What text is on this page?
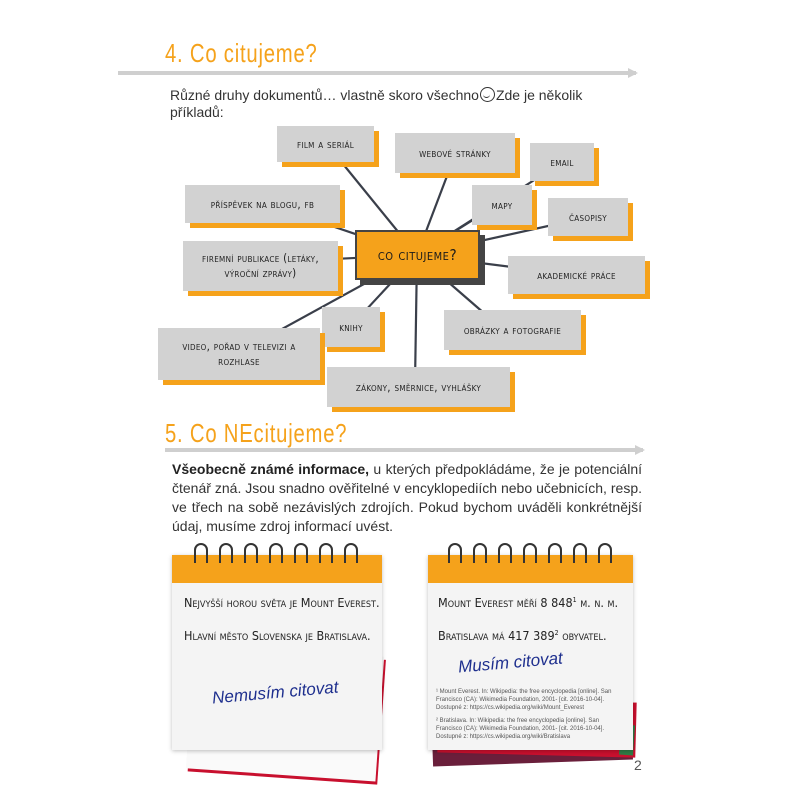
4. Co citujeme?
Různé druhy dokumentů… vlastně skoro všechno Zde je několik příkladů:
film a seriál
webové stránky
email
příspěvek na blogu, fb	mapy
časopisy
firemní publikace (letáky, výroční zprávy)	akademické práce
knihy	obrázky a fotografie
video, pořad v televizi a rozhlase
zákony, směrnice, vyhlášky
co citujeme?
5. Co NEcitujeme?
Všeobecně známé informace, u kterých předpokládáme, že je potenciální čtenář zná. Jsou snadno ověřitelné v encyklopediích nebo učebnicích, resp. ve třech na sobě nezávislých zdrojích. Pokud bychom uváděli konkrétnější údaj, musíme zdroj informací uvést.
Nejvyšší horou světa je Mount Everest.
Hlavní město Slovenska je Bratislava.
Nemusím citovat
Mount Everest měří 8 $848^1$ m. n. m.
Bratislava má 417 $389^2$ obyvatel.
Musím citovat
¹ Mount Everest. In: Wikipedia: the free encyclopedia [online]. San Francisco (CA): Wikimedia Foundation, 2001- [cit. 2016-10-04]. Dostupné z: https://cs.wikipedia.org/wiki/Mount_Everest
² Bratislava. In: Wikipedia: the free encyclopedia [online]. San Francisco (CA): Wikimedia Foundation, 2001- [cit. 2016-10-04]. Dostupné z: https://cs.wikipedia.org/wiki/Bratislava
2
